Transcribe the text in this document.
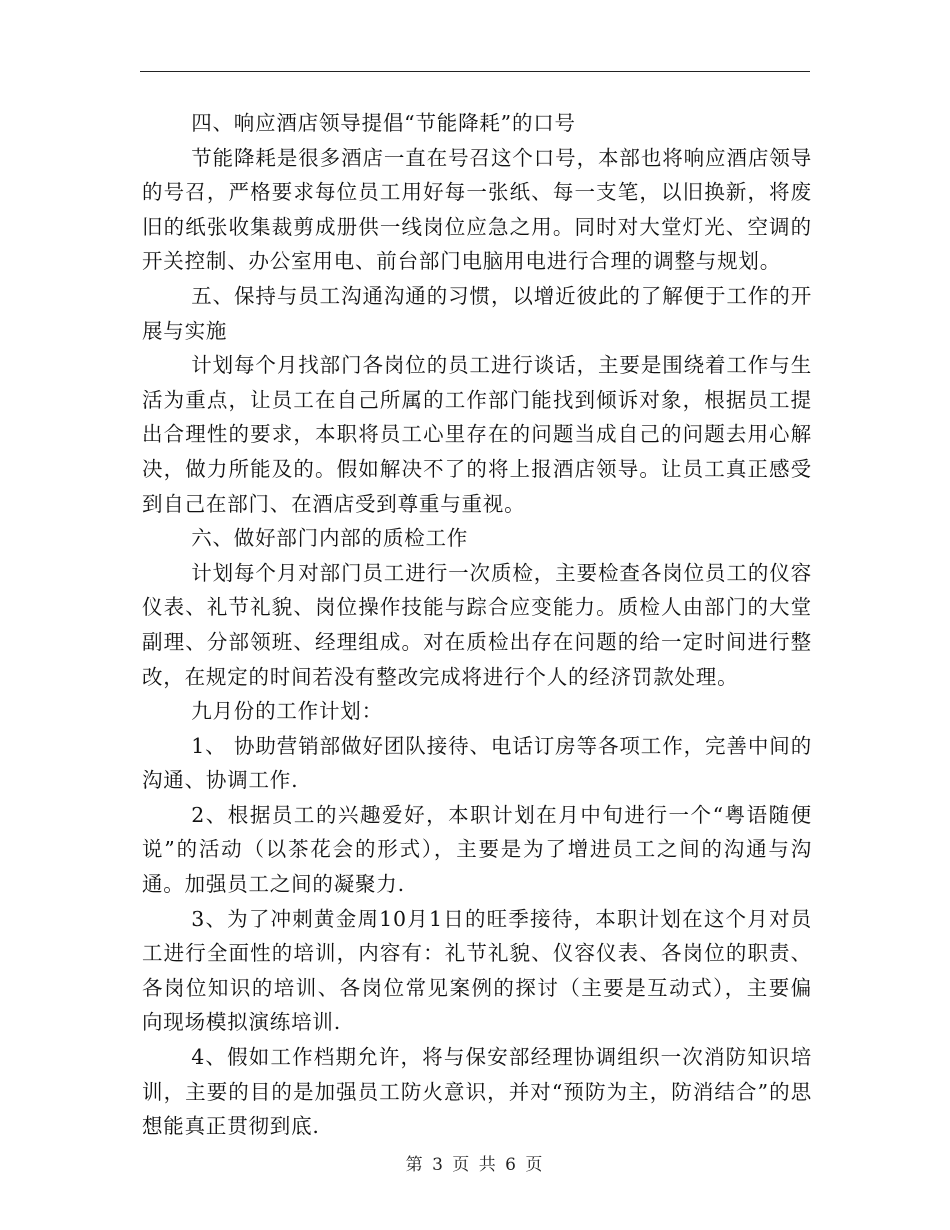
四、响应酒店领导提倡“节能降耗”的口号

节能降耗是很多酒店一直在号召这个口号，本部也将响应酒店领导的号召，严格要求每位员工用好每一张纸、每一支笔，以旧换新，将废旧的纸张收集裁剪成册供一线岗位应急之用。同时对大堂灯光、空调的开关控制、办公室用电、前台部门电脑用电进行合理的调整与规划。

五、保持与员工沟通沟通的习惯，以增近彼此的了解便于工作的开展与实施

计划每个月找部门各岗位的员工进行谈话，主要是围绕着工作与生活为重点，让员工在自己所属的工作部门能找到倾诉对象，根据员工提出合理性的要求，本职将员工心里存在的问题当成自己的问题去用心解决，做力所能及的。假如解决不了的将上报酒店领导。让员工真正感受到自己在部门、在酒店受到尊重与重视。

六、做好部门内部的质检工作

计划每个月对部门员工进行一次质检，主要检查各岗位员工的仪容仪表、礼节礼貌、岗位操作技能与踪合应变能力。质检人由部门的大堂副理、分部领班、经理组成。对在质检出存在问题的给一定时间进行整改，在规定的时间若没有整改完成将进行个人的经济罚款处理。

九月份的工作计划：

1、 协助营销部做好团队接待、电话订房等各项工作，完善中间的沟通、协调工作.

2、根据员工的兴趣爱好，本职计划在月中旬进行一个“粤语随便说”的活动（以茶花会的形式），主要是为了增进员工之间的沟通与沟通。加强员工之间的凝聚力.

3、为了冲刺黄金周10月1日的旺季接待，本职计划在这个月对员工进行全面性的培训，内容有：礼节礼貌、仪容仪表、各岗位的职责、各岗位知识的培训、各岗位常见案例的探讨（主要是互动式），主要偏向现场模拟演练培训.

4、假如工作档期允许，将与保安部经理协调组织一次消防知识培训，主要的目的是加强员工防火意识，并对“预防为主，防消结合”的思想能真正贯彻到底.

第 3 页 共 6 页
